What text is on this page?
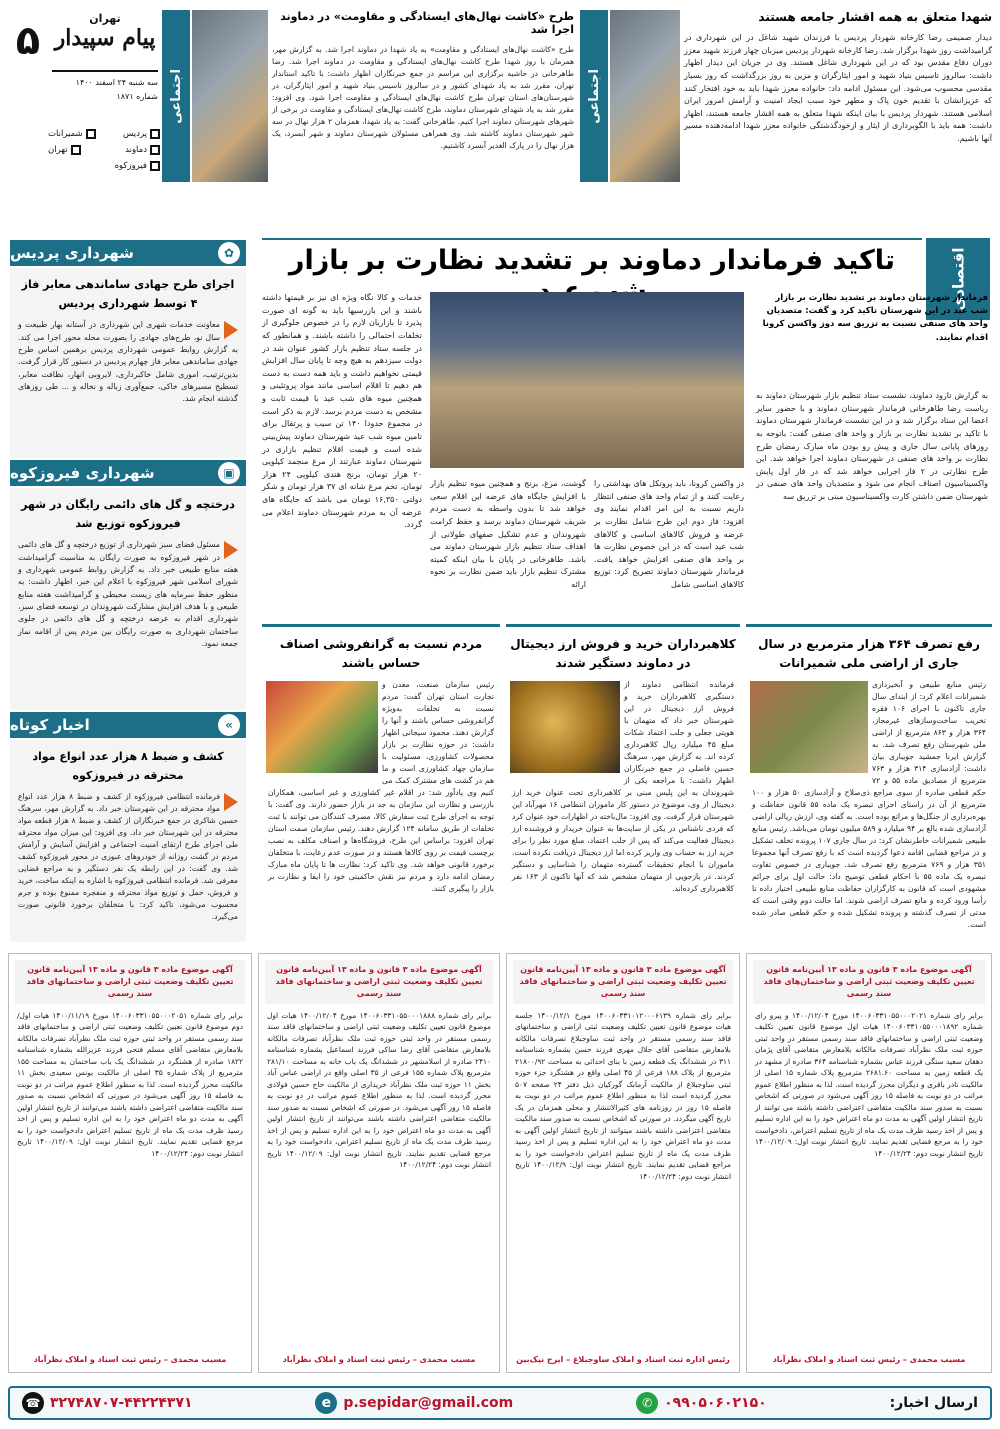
۵	تهران
پیام سپیدار
سه شنبه ۲۴ اسفند ۱۴۰۰
شماره ۱۸۷۱
پردیس
شمیرانات
دماوند
تهران
فیروزکوه
اجتماعی
شهدا متعلق به همه اقشار جامعه هستند
دیدار صمیمی رضا کارخانه شهردار پردیس با فرزندان شهید شاغل در این شهرداری در گرامیداشت روز شهدا برگزار شد. رضا کارخانه شهردار پردیس میزبان چهار فرزند شهید معزز دوران دفاع مقدس بود که در این شهرداری شاغل هستند. وی در جریان این دیدار اظهار داشت: سالروز تاسیس بنیاد شهید و امور ایثارگران و مزین به روز بزرگداشت که روز بسیار مقدسی محسوب می‌شود. این مسئول ادامه داد: خانواده معزز شهدا باید به خود افتخار کنند که عزیزانشان با تقدیم خون پاک و مطهر خود سبب ایجاد امنیت و آرامش امروز ایران اسلامی هستند. شهردار پردیس با بیان اینکه شهدا متعلق به همه اقشار جامعه هستند، اظهار داشت: همه باید با الگوبرداری از ایثار و ازخودگذشتگی خانواده معزز شهدا ادامه‌دهنده مسیر آنها باشیم.
اجتماعی
طرح «کاشت نهال‌های ایستادگی و مقاومت» در دماوند اجرا شد
طرح «کاشت نهال‌های ایستادگی و مقاومت» به یاد شهدا در دماوند اجرا شد. به گزارش مهر، همزمان با روز شهدا طرح کاشت نهال‌های ایستادگی و مقاومت در دماوند اجرا شد. رضا طاهرخانی در حاشیه برگزاری این مراسم در جمع خبرنگاران اظهار داشت: با تاکید استاندار تهران، مقرر شد به یاد شهدای کشور و در سالروز تاسیس بنیاد شهید و امور ایثارگران، در شهرستان‌های استان تهران طرح کاشت نهال‌های ایستادگی و مقاومت اجرا شود. وی افزود: مقرر شد به یاد شهدای شهرستان دماوند، طرح کاشت نهال‌های ایستادگی و مقاومت در برخی از شهرهای شهرستان دماوند اجرا کنیم. طاهرخانی گفت: به یاد شهدا، همزمان ۲ هزار نهال در سه شهر شهرستان دماوند کاشته شد. وی همراهی مسئولان شهرستان دماوند و شهر آبسرد، یک هزار نهال را در پارک الغدیر آبسرد کاشتیم.
اقتصادی
تاکید فرماندار دماوند بر تشدید نظارت بر بازار
فرماندار شهرستان دماوند بر تشدید نظارت بر بازار شب عید در این شهرستان تاکید کرد و گفت: متصدیان واحد های صنفی نسبت به تزریق سه دوز واکسن کرونا اقدام نمایند.
به گزارش تارود دماوند، نشست ستاد تنظیم بازار شهرستان دماوند به ریاست رضا طاهرخانی فرماندار شهرستان دماوند و با حضور سایر اعضا این ستاد برگزار شد و در این نشست فرماندار شهرستان دماوند با تاکید بر تشدید نظارت بر بازار و واحد های صنفی گفت: باتوجه به روزهای پایانی سال جاری و پیش رو بودن ماه مبارک رمضان طرح نظارت بر واحد های صنفی در شهرستان دماوند اجرا خواهد شد. این طرح نظارتی در ۲ فاز اجرایی خواهد شد که در فاز اول پایش واکسیناسیون اصناف انجام می شود و متصدیان واحد های صنفی در شهرستان ضمن داشتن کارت واکسیناسیون مبنی بر تزریق سه
دز واکسن کرونا، باید پروتکل های بهداشتی را رعایت کنند و از تمام واحد های صنفی انتظار داریم نسبت به این امر اقدام نمایند وی افزود: فاز دوم این طرح شامل نظارت بر عرضه و فروش کالاهای اساسی و کالاهای شب عید است که در این خصوص نظارت ها بر واحد های صنفی افزایش خواهد یافت. فرماندار شهرستان دماوند تصریح کرد: توزیع کالاهای اساسی شامل
گوشت، مرغ، برنج و همچنین میوه تنظیم بازار با افزایش جایگاه های عرضه این اقلام سعی خواهد شد تا بدون واسطه به دست مردم شریف شهرستان دماوند برسد و حفظ کرامت شهروندان و عدم تشکیل صفهای طولانی از اهداف ستاد تنظیم بازار شهرستان دماوند می باشد. طاهرخانی در پایان با بیان اینکه کمیته مشترک تنظیم بازار باید ضمن نظارت بر نحوه ارائه
خدمات و کالا نگاه ویژه ای نیز بر قیمتها داشته باشند و این بازرسیها باید به گونه ای صورت پذیرد تا بازاریان لازم را در خصوص جلوگیری از تخلفات احتمالی را داشته باشند. و همانطور که در جلسه ستاد تنظیم بازار کشور عنوان شد در دولت سیزدهم به هیچ وجه تا پایان سال افزایش قیمتی نخواهیم داشت و باید همه دست به دست هم دهیم تا اقلام اساسی مانند مواد پروتئینی و همچنین میوه های شب عید با قیمت ثابت و مشخص به دست مردم برسد. لازم به ذکر است در مجموع حدودا ۱۴۰ تن سیب و پرتقال برای تامین میوه شب عید شهرستان دماوند پیش‌بینی شده است و قیمت اقلام تنظیم بازاری در شهرستان دماوند عبارتند از مرغ منجمد کیلویی ۲۰ هزار تومان، برنج هندی کیلویی ۲۴ هزار تومان، تخم مرغ شانه ای ۳۷ هزار تومان و شکر دولتی ۱۶,۳۵۰ تومان می باشد که جایگاه های عرضه آن به مردم شهرستان دماوند اعلام می گردد.
رفع تصرف ۳۶۴ هزار مترمربع در سال جاری از اراضی ملی شمیرانات
رئیس منابع طبیعی و آبخیزداری شمیرانات اعلام کرد: از ابتدای سال جاری تاکنون با اجرای ۱۰۶ فقره تخریب ساخت‌وسازهای غیرمجاز، ۳۶۴ هزار و ۸۶۳ مترمربع از اراضی ملی شهرستان رفع تصرف شد. به گزارش ایرنا جمشید جویباری بیان داشت: آزادسازی ۳۱۴ هزار و ۷۶۳ مترمربع از مصادیق ماده ۵۵ و ۷۲ حکم قطعی صادره از سوی مراجع ذی‌صلاح و آزادسازی ۵۰ هزار و ۱۰۰ مترمربع از آن در راستای اجرای تبصره یک ماده ۵۵ قانون حفاظت و بهره‌برداری از جنگل‌ها و مراتع بوده است. به گفته وی، ارزش ریالی اراضی آزادسازی شده بالغ بر ۹۴ میلیارد و ۵۸۹ میلیون تومان می‌باشد. رئیس منابع طبیعی شمیرانات خاطرنشان کرد: در سال جاری ۱۰۷ پرونده تخلف تشکیل و در مراجع قضایی اقامه دعوا گردیده است که با رفع تصرف آنها مجموعا ۳۵۱ هزار و ۷۶۹ مترمربع رفع تصرف شد. جویباری در خصوص تفاوت تبصره یک ماده ۵۵ با احکام قطعی توضیح داد: حالت اول برای جرائم مشهودی است که قانون به کارگزاران حفاظت منابع طبیعی اختیار داده تا رأسا ورود کرده و مانع تصرف اراضی شوند. اما حالت دوم وقتی است که مدتی از تصرف گذشته و پرونده تشکیل شده و حکم قطعی صادر شده است.
کلاهبرداران خرید و فروش ارز دیجیتال در دماوند دستگیر شدند
فرمانده انتظامی دماوند از دستگیری کلاهبرداران خرید و فروش ارز دیجیتال در این شهرستان خبر داد که متهمان با هویتی جعلی و جلب اعتماد شکات مبلغ ۴۵ میلیارد ریال کلاهبرداری کرده اند. به گزارش مهر، سرهنگ حسین فاضلی در جمع خبرنگاران اظهار داشت: با مراجعه یکی از شهروندان به این پلیس مبنی بر کلاهبرداری تحت عنوان خرید ارز دیجیتال از وی، موضوع در دستور کار ماموران انتظامی ۱۶ مهرآباد این شهرستان قرار گرفت. وی افزود: مال‌باخته در اظهارات خود عنوان کرد که فردی ناشناس در یکی از سایت‌ها به عنوان خریدار و فروشنده ارز دیجیتال فعالیت می‌کند که پس از جلب اعتماد، مبلغ مورد نظر را برای خرید ارز به حساب وی واریز کرده اما ارز دیجیتال دریافت نکرده است. ماموران با انجام تحقیقات گسترده متهمان را شناسایی و دستگیر کردند. در بازجویی از متهمان مشخص شد که آنها تاکنون از ۱۶۳ نفر کلاهبرداری کرده‌اند.
مردم نسبت به گرانفروشی اصناف حساس باشند
رئیس سازمان صنعت، معدن و تجارت استان تهران گفت: مردم نسبت به تخلفات به‌ویژه گرانفروشی حساس باشند و آنها را گزارش دهند. محمود سیجانی اظهار داشت: در حوزه نظارت بر بازار محصولات کشاورزی، مسئولیت با سازمان جهاد کشاورزی است و ما هم در گشت های مشترک کمک می کنیم وی یادآور شد: در اقلام غیر کشاورزی و غیر اساسی، همکاران بازرسی و نظارت این سازمان به جد در بازار حضور دارند. وی گفت: با توجه به اجرای طرح ثبت سفارش کالا، مصرف کنندگان می توانند با ثبت تخلفات از طریق سامانه ۱۲۴ گزارش دهند. رئیس سازمان صمت استان تهران افزود: براساس این طرح، فروشگاه‌ها و اصناف مکلف به نصب برچسب قیمت بر روی کالاها هستند و در صورت عدم رعایت، با متخلفان برخورد قانونی خواهد شد. وی تاکید کرد: نظارت ها تا پایان ماه مبارک رمضان ادامه دارد و مردم نیز نقش حاکمیتی خود را ایفا و نظارت بر بازار را پیگیری کنند.
شهرداری پردیس	✿
اجرای طرح جهادی ساماندهی معابر فاز ۴ توسط شهرداری پردیس
معاونت خدمات شهری این شهرداری در آستانه بهار طبیعت و سال نو، طرح‌های جهادی را بصورت محله محور اجرا می کند. به گزارش روابط عمومی شهرداری پردیس برهمین اساس طرح جهادی ساماندهی معابر فاز چهارم پردیس در دستور کار قرار گرفت. بدین‌ترتیب، اموری شامل خاکبرداری، لایروبی انهار، نظافت معابر، تسطیح مسیرهای خاکی، جمع‌آوری زباله و نخاله و ... طی روزهای گذشته انجام شد.
شهرداری فیروزکوه	▣
درختچه و گل های دائمی رایگان در شهر فیروزکوه توزیع شد
مسئول فضای سبز شهرداری از توزیع درختچه و گل های دائمی در شهر فیروزکوه به صورت رایگان به مناسبت گرامیداشت هفته منابع طبیعی خبر داد. به گزارش روابط عمومی شهرداری و شورای اسلامی شهر فیروزکوه با اعلام این خبر، اظهار داشت: به منظور حفظ سرمایه های زیست محیطی و گرامیداشت هفته منابع طبیعی و با هدف افزایش مشارکت شهروندان در توسعه فضای سبز، شهرداری اقدام به عرضه درختچه و گل های دائمی در جلوی ساختمان شهرداری به صورت رایگان بین مردم پس از اقامه نماز جمعه نمود.
اخبار کوتاه	»
کشف و ضبط ۸ هزار عدد انواع مواد محترقه در فیروزکوه
فرمانده انتظامی فیروزکوه از کشف و ضبط ۸ هزار عدد انواع مواد محترقه در این شهرستان خبر داد. به گزارش مهر، سرهنگ حسین شاکری در جمع خبرنگاران از کشف و ضبط ۸ هزار قطعه مواد محترقه در این شهرستان خبر داد. وی افزود: این میزان مواد محترقه طی اجرای طرح ارتقای امنیت اجتماعی و افزایش آسایش و آرامش مردم در گشت روزانه از خودروهای عبوری در محور فیروزکوه کشف شد. وی گفت: در این رابطه یک نفر دستگیر و به مراجع قضایی معرفی شد. فرمانده انتظامی فیروزکوه با اشاره به اینکه ساخت، خرید و فروش، حمل و توزیع مواد محترقه و منفجره ممنوع بوده و جرم محسوب می‌شود، تاکید کرد: با متخلفان برخورد قانونی صورت می‌گیرد.
آگهی موضوع ماده ۳ قانون و ماده ۱۳ آیین‌نامه قانون تعیین تکلیف وضعیت ثبتی اراضی و ساختمان‌های فاقد سند رسمی
برابر رای شماره ۱۴۰۰۶۰۳۳۱۰۵۵۰۰۰۲۰۲۱ مورخ ۱۴۰۰/۱۲/۰۴ و پیرو رای شماره ۱۴۰۰۶۰۳۳۱۰۵۵۰۰۰۱۸۹۲ هیات اول موضوع قانون تعیین تکلیف وضعیت ثبتی اراضی و ساختمانهای فاقد سند رسمی مستقر در واحد ثبتی حوزه ثبت ملک نظرآباد تصرفات مالکانه بلامعارض متقاضی آقای پژمان دهقان سعید ستگی فرزند عباس بشماره شناسنامه ۳۶۴ صادره از مشهد در یک قطعه زمین به مساحت ۲۶۸۱.۶۰ مترمربع پلاک شماره ۱۵ اصلی از مالکیت نادر باقری و دیگران محرز گردیده است. لذا به منظور اطلاع عموم مراتب در دو نوبت به فاصله ۱۵ روز آگهی می‌شود در صورتی که اشخاص نسبت به صدور سند مالکیت متقاضی اعتراضی داشته باشند می توانند از تاریخ انتشار اولین آگهی به مدت دو ماه اعتراض خود را به این اداره تسلیم و پس از اخذ رسید ظرف مدت یک ماه از تاریخ تسلیم اعتراض، دادخواست خود را به مرجع قضایی تقدیم نمایند. تاریخ انتشار نوبت اول: ۱۴۰۰/۱۲/۰۹ تاریخ انتشار نوبت دوم: ۱۴۰۰/۱۲/۲۴
مسیب محمدی – رئیس ثبت اسناد و املاک نظرآباد
آگهی موضوع ماده ۳ قانون و ماده ۱۳ آیین‌نامه قانون تعیین تکلیف وضعیت ثبتی اراضی و ساختمانهای فاقد سند رسمی
برابر رای شماره ۱۴۰۰۶۰۳۳۱۰۱۲۰۰۰۶۱۳۹ مورخ ۱۴۰۰/۱۲/۱ جلسه هیات موضوع قانون تعیین تکلیف وضعیت ثبتی اراضی و ساختمانهای فاقد سند رسمی مستقر در واحد ثبت ساوجبلاغ تصرفات مالکانه بلامعارض متقاضی آقای جلال مهری فرزند حسن بشماره شناسنامه ۳۱۱ در ششدانگ یک قطعه زمین با بنای احداثی به مساحت ۲۱۸۰۰/۹۲ مترمربع از پلاک ۱۸۸ فرعی از ۴۵ اصلی واقع در هشتگرد جزء حوزه ثبتی ساوجبلاغ از مالکیت آرمانک گورکیان ذیل دفتر ۲۴ صفحه ۵۰۷ محرز گردیده است لذا به منظور اطلاع عموم مراتب در دو نوبت به فاصله ۱۵ روز در روزنامه های کثیرالانتشار و محلی همزمان در یک تاریخ آگهی میگردد. در صورتی که اشخاص نسبت به صدور سند مالکیت متقاضی اعتراضی داشته باشند میتوانند از تاریخ انتشار اولین آگهی به مدت دو ماه اعتراض خود را به این اداره تسلیم و پس از اخذ رسید ظرف مدت یک ماه از تاریخ تسلیم اعتراض دادخواست خود را به مراجع قضایی تقدیم نمایند. تاریخ انتشار نوبت اول: ۱۴۰۰/۱۲/۹ تاریخ انتشار نوبت دوم: ۱۴۰۰/۱۲/۲۴
رئیس اداره ثبت اسناد و املاک ساوجبلاغ – ایرج نیک‌بین
آگهی موضوع ماده ۳ قانون و ماده ۱۳ آیین‌نامه قانون تعیین تکلیف وضعیت ثبتی اراضی و ساختمانهای فاقد سند رسمی
برابر رای شماره ۱۴۰۰۶۰۳۳۱۰۵۵۰۰۰۱۸۸۸ مورخ ۱۴۰۰/۱۲/۰۴ هیات اول موضوع قانون تعیین تکلیف وضعیت ثبتی اراضی و ساختمانهای فاقد سند رسمی مستقر در واحد ثبتی حوزه ثبت ملک نظرآباد تصرفات مالکانه بلامعارض متقاضی آقای رضا ساکی فرزند اسماعیل بشماره شناسنامه ۲۴۱۰ صادره از اسلامشهر در ششدانگ یک باب خانه به مساحت ۲۸۱/۱۰ مترمربع پلاک شماره ۱۵۵ فرعی از ۳۵ اصلی واقع در اراضی عباس آباد بخش ۱۱ حوزه ثبت ملک نظرآباد خریداری از مالکیت حاج حسین فولادی محرز گردیده است. لذا به منظور اطلاع عموم مراتب در دو نوبت به فاصله ۱۵ روز آگهی می‌شود. در صورتی که اشخاص نسبت به صدور سند مالکیت متقاضی اعتراضی داشته باشند می‌توانند از تاریخ انتشار اولین آگهی به مدت دو ماه اعتراض خود را به این اداره تسلیم و پس از اخذ رسید ظرف مدت یک ماه از تاریخ تسلیم اعتراض، دادخواست خود را به مرجع قضایی تقدیم نمایند. تاریخ انتشار نوبت اول: ۱۴۰۰/۱۲/۰۹ تاریخ انتشار نوبت دوم: ۱۴۰۰/۱۲/۲۴
مسیب محمدی – رئیس ثبت اسناد و املاک نظرآباد
آگهی موضوع ماده ۳ قانون و ماده ۱۳ آیین‌نامه قانون تعیین تکلیف وضعیت ثبتی اراضی و ساختمانهای فاقد سند رسمی
برابر رای شماره ۱۴۰۰۶۰۳۳۱۰۵۵۰۰۰۲۰۵۱ مورخ ۱۴۰۰/۱۱/۱۹ هیات اول/دوم موضوع قانون تعیین تکلیف وضعیت ثبتی اراضی و ساختمانهای فاقد سند رسمی مستقر در واحد ثبتی حوزه ثبت ملک نظرآباد تصرفات مالکانه بلامعارض متقاضی آقای مسلم فتحی فرزند عزیزالله بشماره شناسنامه ۱۸۲۲ صادره از هشتگرد در ششدانگ یک باب ساختمان به مساحت ۱۵۵ مترمربع از پلاک شماره ۳۵ اصلی از مالکیت یونس سعیدی بخش ۱۱ مالکیت محرز گردیده است. لذا به منظور اطلاع عموم مراتب در دو نوبت به فاصله ۱۵ روز آگهی می‌شود در صورتی که اشخاص نسبت به صدور سند مالکیت متقاضی اعتراضی داشته باشند می‌توانند از تاریخ انتشار اولین آگهی به مدت دو ماه اعتراض خود را به این اداره تسلیم و پس از اخذ رسید ظرف مدت یک ماه از تاریخ تسلیم اعتراض دادخواست خود را به مرجع قضایی تقدیم نمایند. تاریخ انتشار نوبت اول: ۱۴۰۰/۱۲/۰۹ تاریخ انتشار نوبت دوم: ۱۴۰۰/۱۲/۲۴
مسیب محمدی – رئیس ثبت اسناد و املاک نظرآباد
ارسال اخبار:
۰۹۹۰۵۰۶۰۲۱۵۰
✆
e p.sepidar@gmail.com
۳۲۷۴۸۷۰۷-۴۴۲۲۴۳۷۱
☎
